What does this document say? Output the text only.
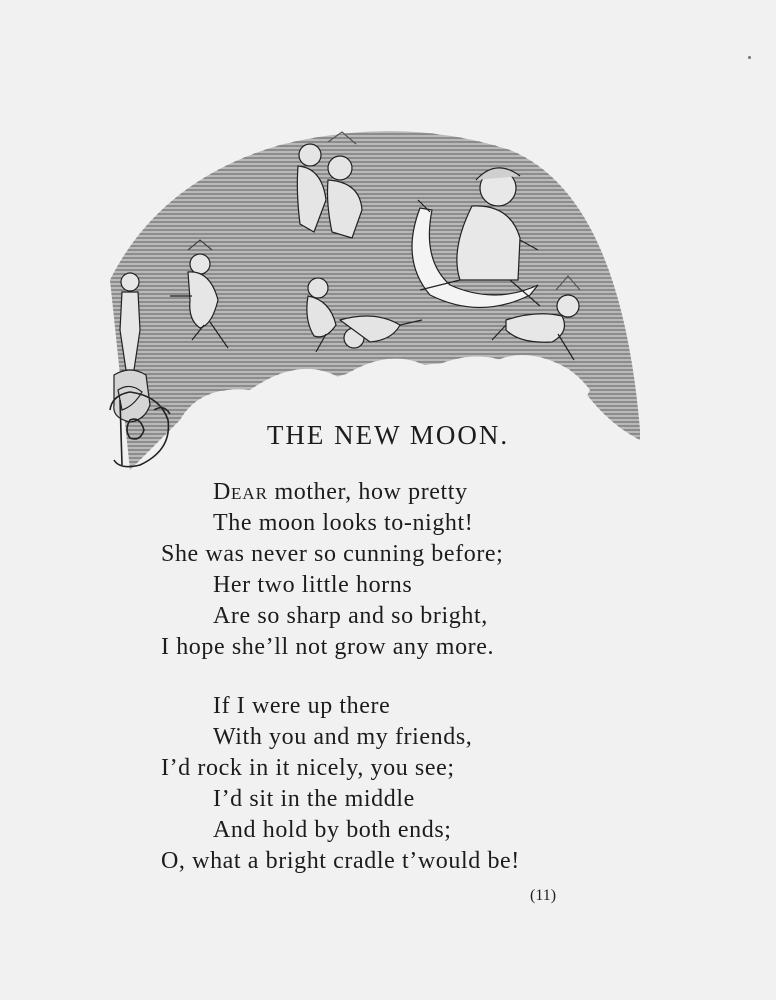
THE NEW MOON.
DEAR mother, how pretty
The moon looks to-night!
She was never so cunning before;
Her two little horns
Are so sharp and so bright,
I hope she’ll not grow any more.
If I were up there
With you and my friends,
I’d rock in it nicely, you see;
I’d sit in the middle
And hold by both ends;
O, what a bright cradle t’would be!
(11)
